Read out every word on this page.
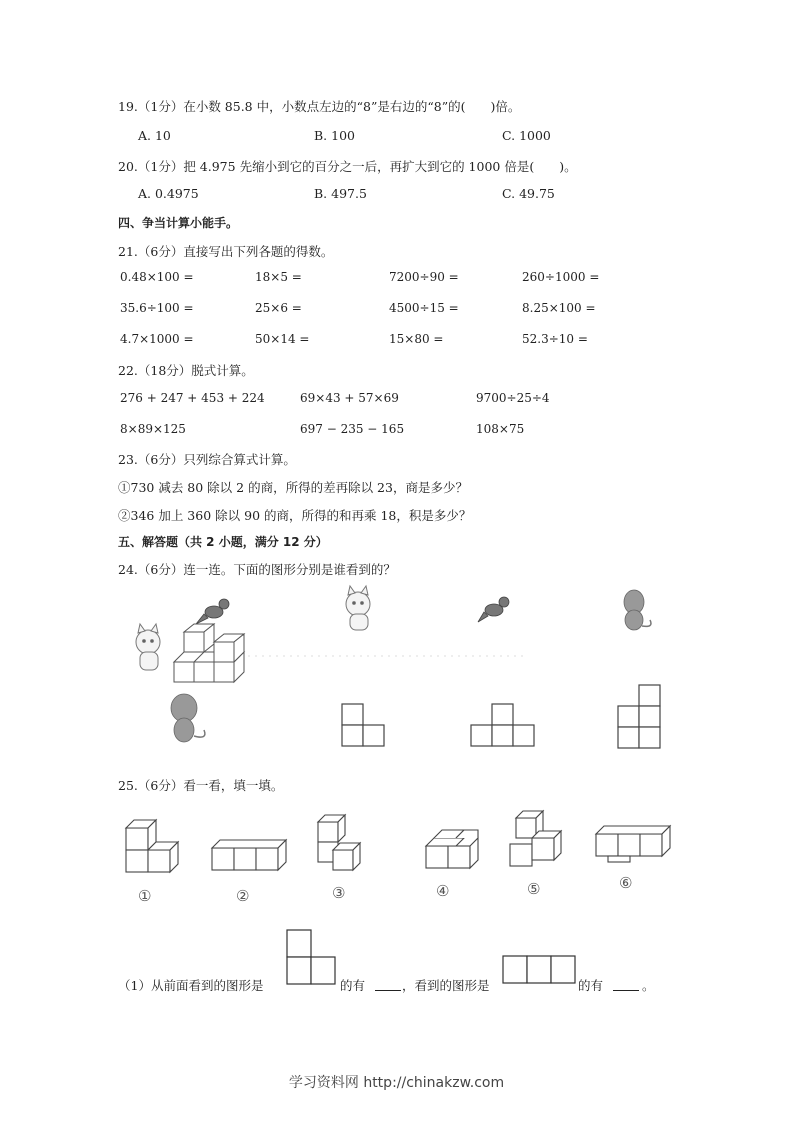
19.（1分）在小数 85.8 中，小数点左边的“8”是右边的“8”的(　　)倍。
A. 10	B. 100	C. 1000
20.（1分）把 4.975 先缩小到它的百分之一后，再扩大到它的 1000 倍是(　　)。
A. 0.4975	B. 497.5	C. 49.75
四、争当计算小能手。
21.（6分）直接写出下列各题的得数。
0.48×100 =	18×5 =	7200÷90 =	260÷1000 =
35.6÷100 =	25×6 =	4500÷15 =	8.25×100 =
4.7×1000 =	50×14 =	15×80 =	52.3÷10 =
22.（18分）脱式计算。
276 + 247 + 453 + 224	69×43 + 57×69	9700÷25÷4
8×89×125	697 − 235 − 165	108×75
23.（6分）只列综合算式计算。
①730 减去 80 除以 2 的商，所得的差再除以 23，商是多少？
②346 加上 360 除以 90 的商，所得的和再乘 18，积是多少？
五、解答题（共 2 小题，满分 12 分）
24.（6分）连一连。下面的图形分别是谁看到的？
25.（6分）看一看，填一填。
①	②	③	④	⑤	⑥
（1）从前面看到的图形是	的有	，看到的图形是	的有	。
学习资料网 http://chinakzw.com
